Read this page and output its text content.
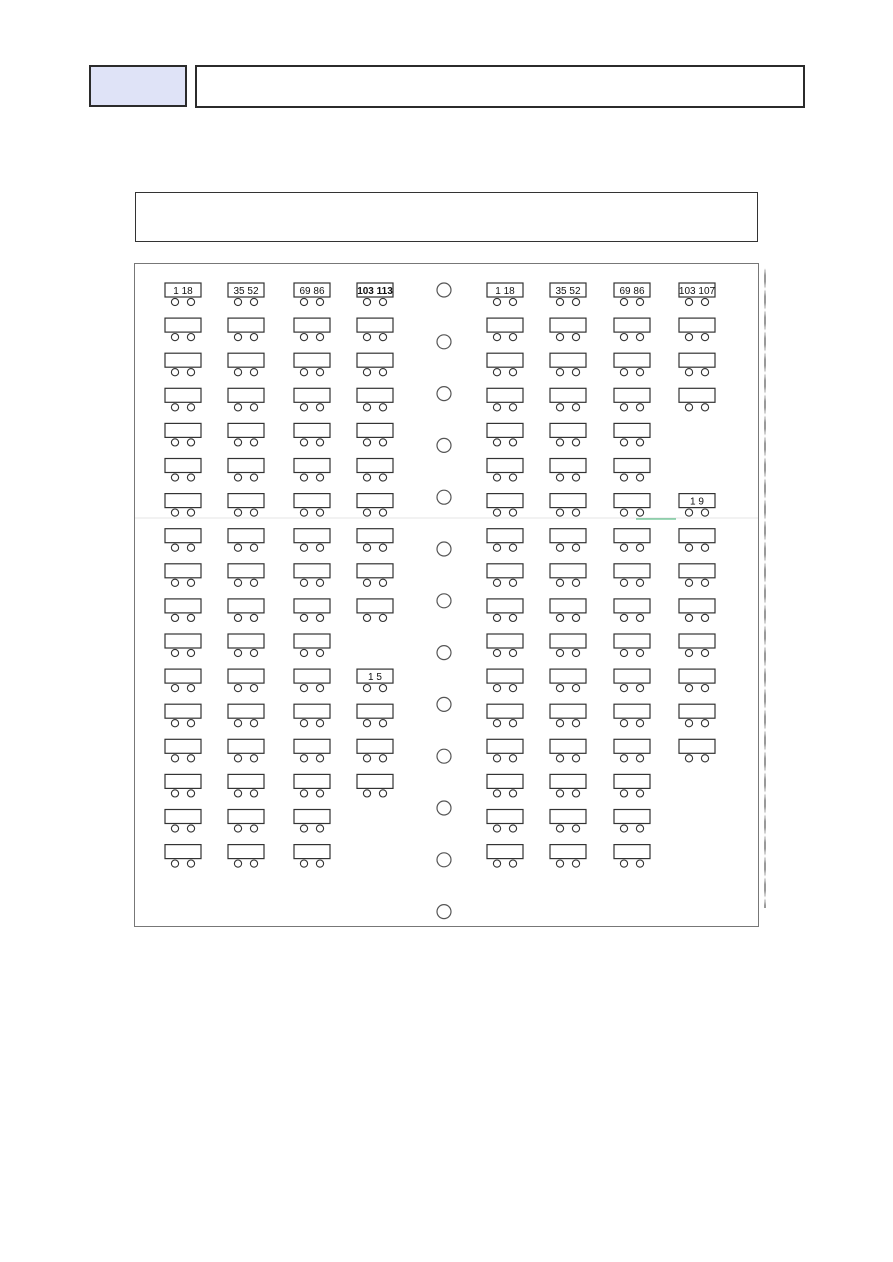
1 18	35 52	69 86	103 113
1 5
1 18	35 52	69 86	103 107
1 9
